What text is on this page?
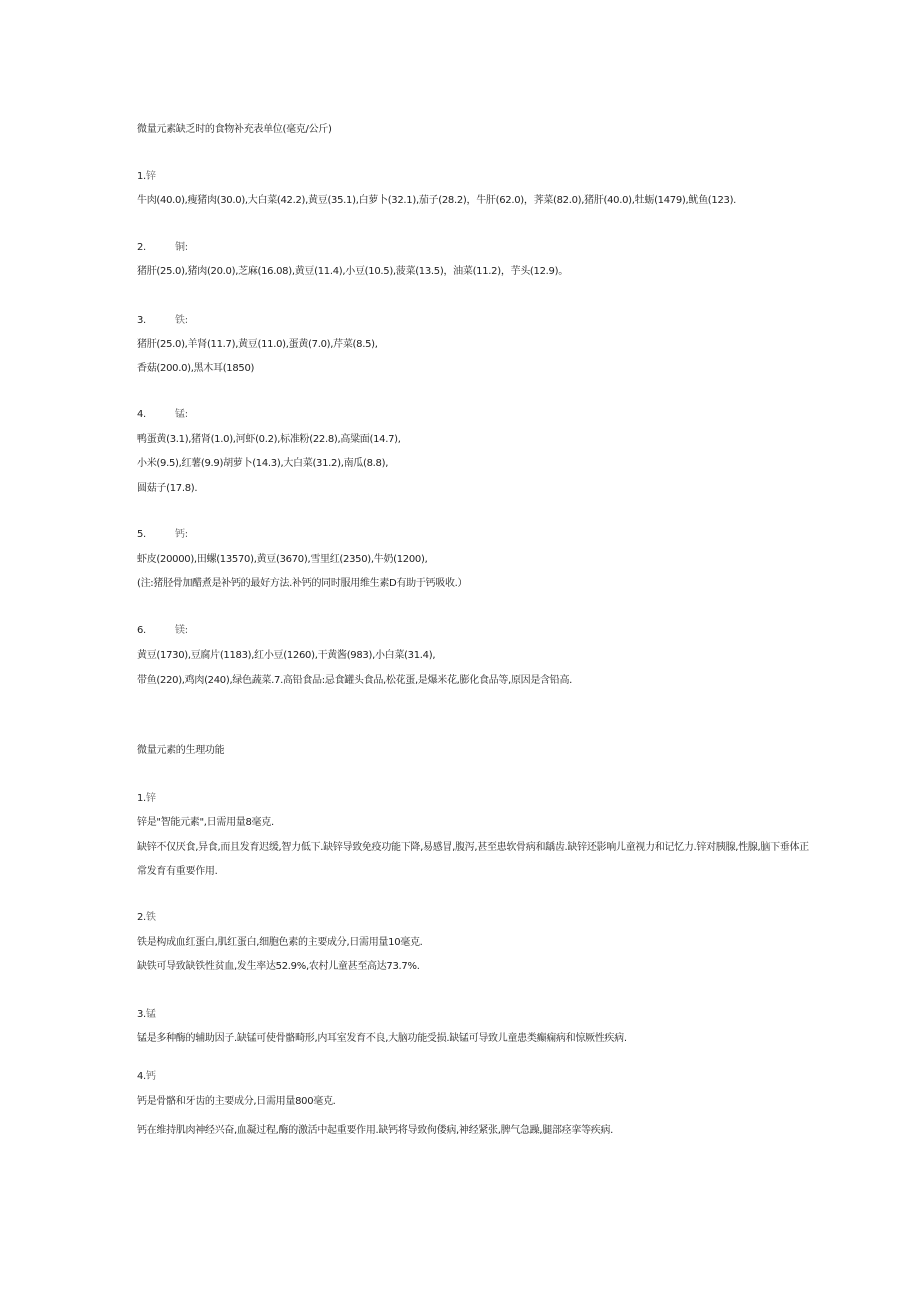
微量元素缺乏时的食物补充表单位(毫克/公斤)
1.锌
牛肉(40.0),瘦猪肉(30.0),大白菜(42.2),黄豆(35.1),白萝卜(32.1),茄子(28.2)，牛肝(62.0)，荠菜(82.0),猪肝(40.0),牡蛎(1479),鱿鱼(123).
2.	铜:
猪肝(25.0),猪肉(20.0),芝麻(16.08),黄豆(11.4),小豆(10.5),菠菜(13.5)，油菜(11.2)，芋头(12.9)。
3.	铁:
猪肝(25.0),羊肾(11.7),黄豆(11.0),蛋黄(7.0),芹菜(8.5),
香菇(200.0),黑木耳(1850)
4.	锰:
鸭蛋黄(3.1),猪肾(1.0),河虾(0.2),标准粉(22.8),高粱面(14.7),
小米(9.5),红薯(9.9)胡萝卜(14.3),大白菜(31.2),南瓜(8.8),
圆菇子(17.8).
5.	钙:
虾皮(20000),田螺(13570),黄豆(3670),雪里红(2350),牛奶(1200),
(注:猪胫骨加醋煮是补钙的最好方法.补钙的同时服用维生素D有助于钙吸收.）
6.	镁:
黄豆(1730),豆腐片(1183),红小豆(1260),干黄酱(983),小白菜(31.4),
带鱼(220),鸡肉(240),绿色蔬菜.7.高铅食品:忌食罐头食品,松花蛋,是爆米花,膨化食品等,原因是含铅高.
微量元素的生理功能
1.锌
锌是"智能元素",日需用量8毫克.
缺锌不仅厌食,异食,而且发育迟缓,智力低下.缺锌导致免疫功能下降,易感冒,腹泻,甚至患软骨病和龋齿.缺锌还影响儿童视力和记忆力.锌对胰腺,性腺,脑下垂体正
常发育有重要作用.
2.铁
铁是构成血红蛋白,肌红蛋白,细胞色素的主要成分,日需用量10毫克.
缺铁可导致缺铁性贫血,发生率达52.9%,农村儿童甚至高达73.7%.
3.锰
锰是多种酶的辅助因子.缺锰可使骨骼畸形,内耳室发育不良,大脑功能受损.缺锰可导致儿童患类癫痫病和惊厥性疾病.
4.钙
钙是骨骼和牙齿的主要成分,日需用量800毫克.
钙在维持肌肉神经兴奋,血凝过程,酶的激活中起重要作用.缺钙将导致佝偻病,神经紧张,脾气急躁,腿部痉挛等疾病.
